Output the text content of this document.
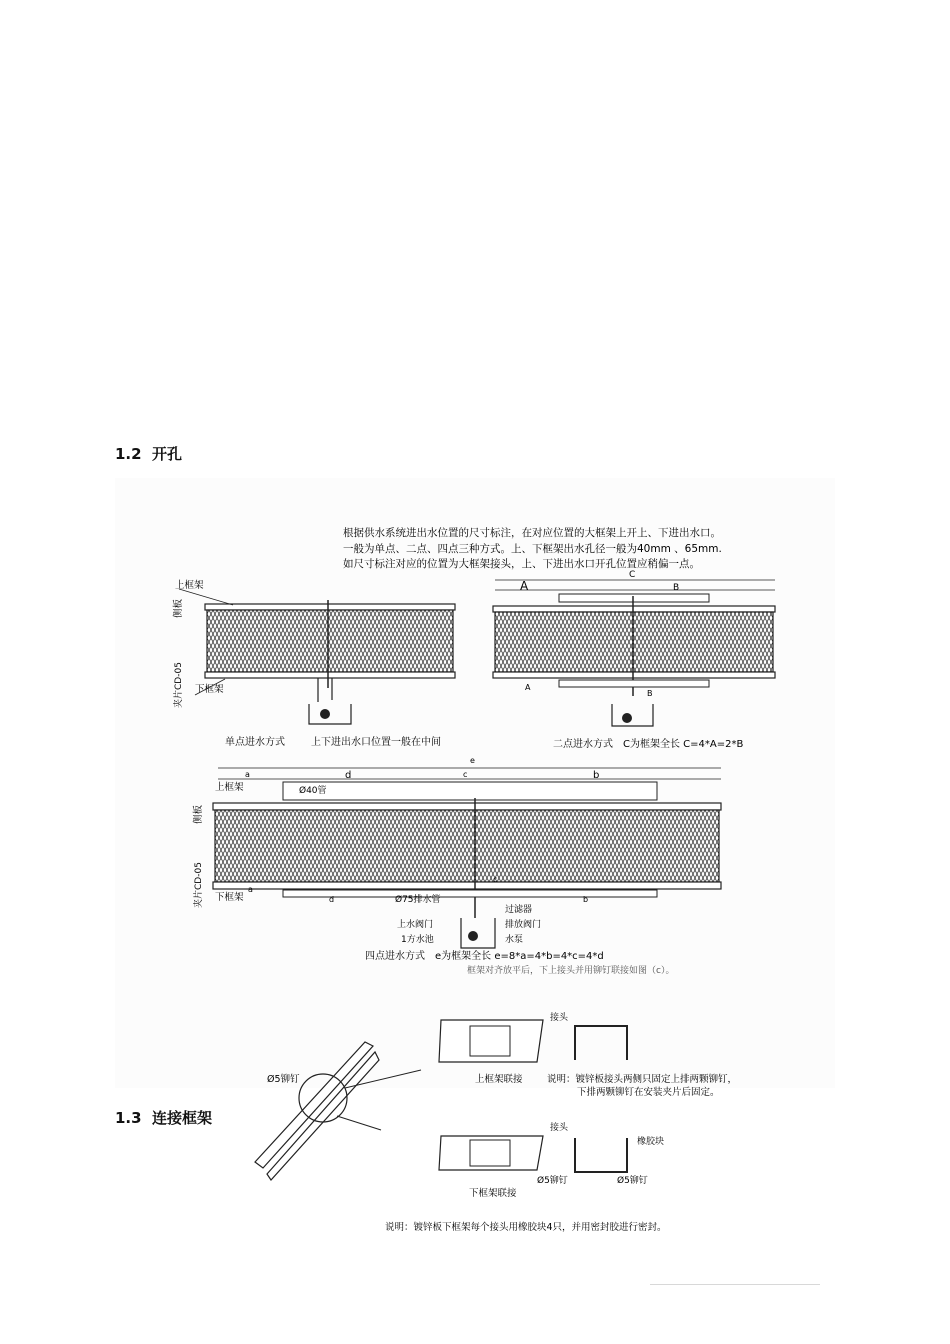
1.2 开孔
根据供水系统进出水位置的尺寸标注，在对应位置的大框架上开上、下进出水口。
一般为单点、二点、四点三种方式。上、下框架出水孔径一般为40mm 、65mm.
如尺寸标注对应的位置为大框架接头，上、下进出水口开孔位置应稍偏一点。
上框架
侧板
夹片CD-05 下框架
单点进水方式	上下进出水口位置一般在中间
C
A	B
A
B
二点进水方式　C为框架全长 C=4*A=2*B
e
a	d	c	b
Ø40管
a
d
c
b
Ø75排水管
上框架
侧板
夹片CD-05 下框架
过滤器
排放阀门
水泵
上水阀门
1方水池
四点进水方式　e为框架全长 e=8*a=4*b=4*c=4*d
框架对齐放平后，下上接头并用铆钉联接如图（c）。
1.3 连接框架
Ø5铆钉
接头
上框架联接	说明：镀锌板接头两侧只固定上排两颗铆钉，
下排两颗铆钉在安装夹片后固定。
接头
橡胶块
Ø5铆钉	Ø5铆钉
下框架联接
说明：镀锌板下框架每个接头用橡胶块4只，并用密封胶进行密封。
